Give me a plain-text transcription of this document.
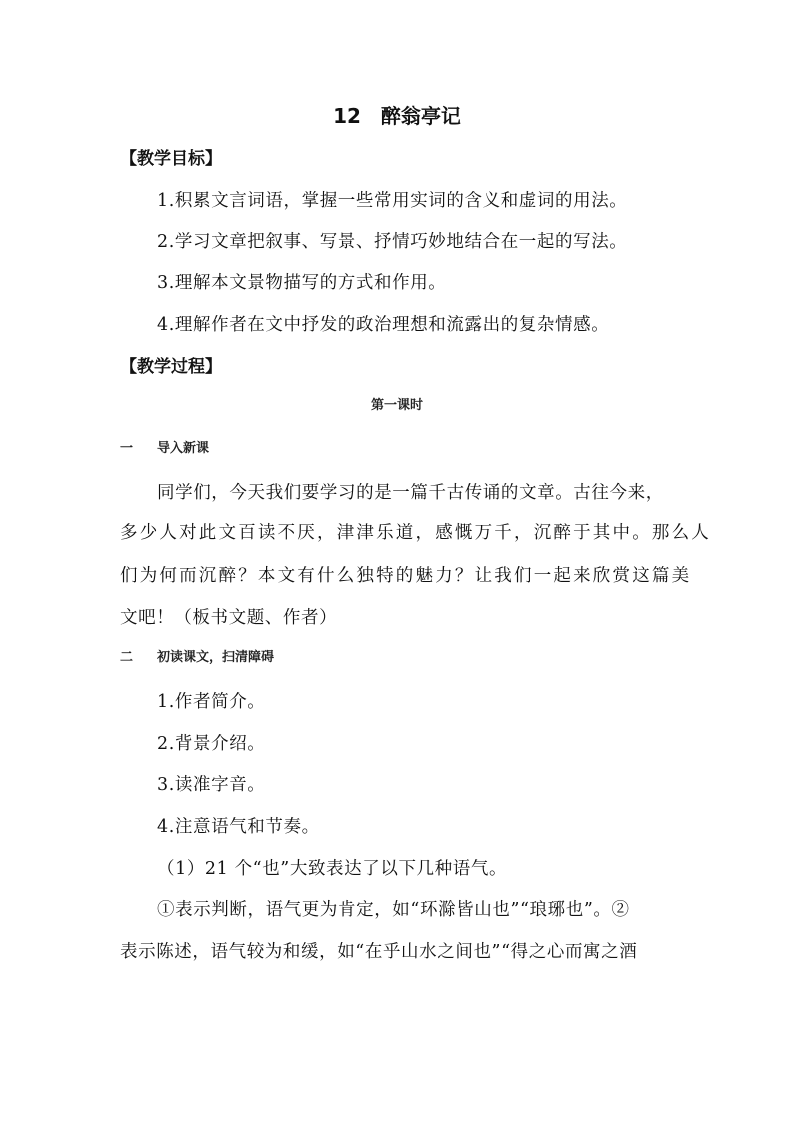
12　醉翁亭记
【教学目标】
1.积累文言词语，掌握一些常用实词的含义和虚词的用法。
2.学习文章把叙事、写景、抒情巧妙地结合在一起的写法。
3.理解本文景物描写的方式和作用。
4.理解作者在文中抒发的政治理想和流露出的复杂情感。
【教学过程】
第一课时
一 导入新课
同学们，今天我们要学习的是一篇千古传诵的文章。古往今来，
多少人对此文百读不厌，津津乐道，感慨万千，沉醉于其中。那么人
们为何而沉醉？本文有什么独特的魅力？让我们一起来欣赏这篇美
文吧！（板书文题、作者）
二 初读课文，扫清障碍
1.作者简介。
2.背景介绍。
3.读准字音。
4.注意语气和节奏。
（1）21 个“也”大致表达了以下几种语气。
①表示判断，语气更为肯定，如“环滁皆山也”“琅琊也”。②
表示陈述，语气较为和缓，如“在乎山水之间也”“得之心而寓之酒
